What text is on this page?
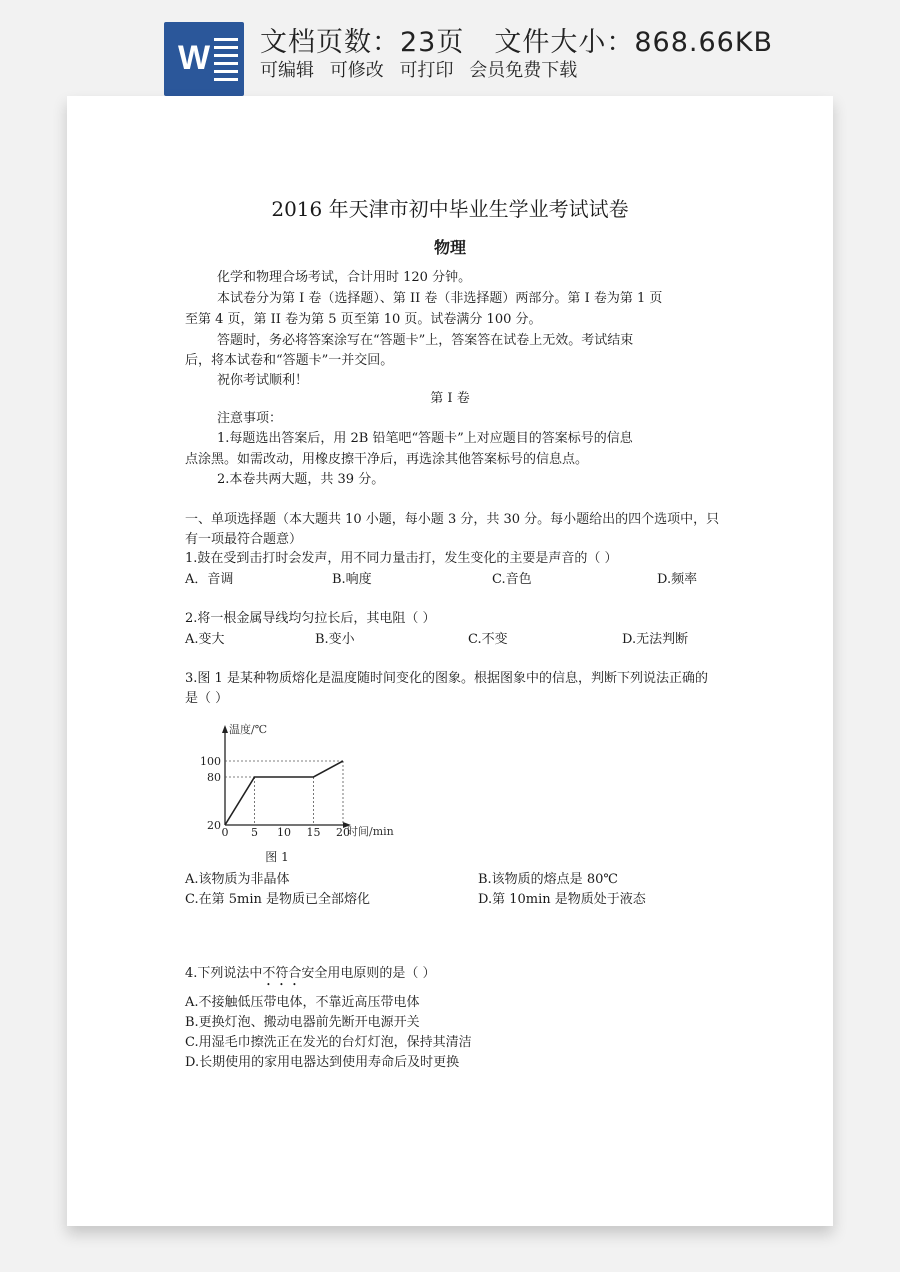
W 文档页数：23页 文件大小：868.66KB
可编辑 可修改 可打印 会员免费下载
2016 年天津市初中毕业生学业考试试卷
物理
化学和物理合场考试，合计用时 120 分钟。
本试卷分为第 I 卷（选择题）、第 II 卷（非选择题）两部分。第 I 卷为第 1 页
至第 4 页，第 II 卷为第 5 页至第 10 页。试卷满分 100 分。
答题时，务必将答案涂写在“答题卡”上，答案答在试卷上无效。考试结束
后，将本试卷和“答题卡”一并交回。
祝你考试顺利！
第 I 卷
注意事项：
1.每题选出答案后，用 2B 铅笔吧“答题卡”上对应题目的答案标号的信息
点涂黑。如需改动，用橡皮擦干净后，再选涂其他答案标号的信息点。
2.本卷共两大题，共 39 分。
一、单项选择题（本大题共 10 小题，每小题 3 分，共 30 分。每小题给出的四个选项中，只
有一项最符合题意）
1.鼓在受到击打时会发声，用不同力量击打，发生变化的主要是声音的（ ）
A．音调	B.响度	C.音色	D.频率
2.将一根金属导线均匀拉长后，其电阻（ ）
A.变大	B.变小	C.不变	D.无法判断
3.图 1 是某种物质熔化是温度随时间变化的图象。根据图象中的信息，判断下列说法正确的
是（ ）
温度/℃
时间/min
20
80
100
0 5 10 15 20
图 1
A.该物质为非晶体	B.该物质的熔点是 80℃
C.在第 5min 是物质已全部熔化	D.第 10min 是物质处于液态
4.下列说法中不符合安全用电原则的是（ ）
A.不接触低压带电体，不靠近高压带电体
B.更换灯泡、搬动电器前先断开电源开关
C.用湿毛巾擦洗正在发光的台灯灯泡，保持其清洁
D.长期使用的家用电器达到使用寿命后及时更换
